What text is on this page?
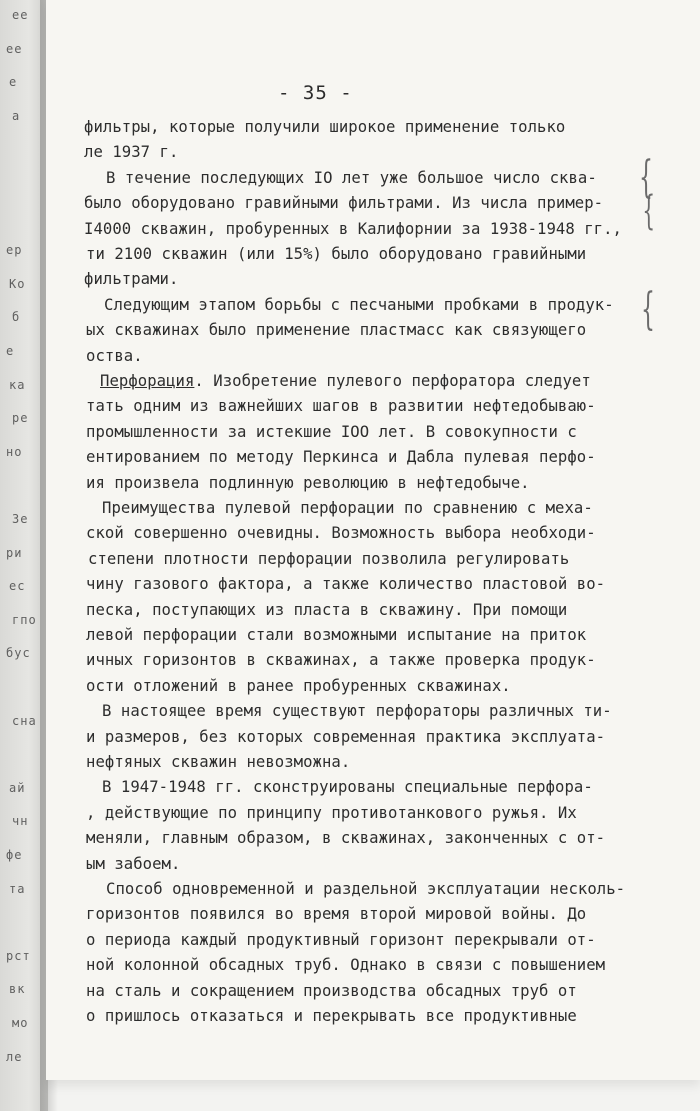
ее
ее
е
а
ер
Ко
б
е
ка
ре
но
Зе
ри
ес
гпо
бус
сна
ай
чн
фе
та
рст
вк
мо
ле
- 35 -
фильтры, которые получили широкое применение только
ле 1937 г.
В течение последующих IO лет уже большое число сква-
было оборудовано гравийными фильтрами. Из числа пример-
I4000 скважин, пробуренных в Калифорнии за 1938-1948 гг.,
ти 2100 скважин (или 15%) было оборудовано гравийными
фильтрами.
Следующим этапом борьбы с песчаными пробками в продук-
ых скважинах было применение пластмасс как связующего
оства.
Перфорация. Изобретение пулевого перфоратора следует
тать одним из важнейших шагов в развитии нефтедобываю-
промышленности за истекшие IOO лет. В совокупности с
ентированием по методу Перкинса и Дабла пулевая перфо-
ия произвела подлинную революцию в нефтедобыче.
Преимущества пулевой перфорации по сравнению с меха-
ской совершенно очевидны. Возможность выбора необходи-
степени плотности перфорации позволила регулировать
чину газового фактора, а также количество пластовой во-
песка, поступающих из пласта в скважину. При помощи
левой перфорации стали возможными испытание на приток
ичных горизонтов в скважинах, а также проверка продук-
ости отложений в ранее пробуренных скважинах.
В настоящее время существуют перфораторы различных ти-
и размеров, без которых современная практика эксплуата-
нефтяных скважин невозможна.
В 1947-1948 гг. сконструированы специальные перфора-
, действующие по принципу противотанкового ружья. Их
меняли, главным образом, в скважинах, законченных с от-
ым забоем.
Способ одновременной и раздельной эксплуатации несколь-
горизонтов появился во время второй мировой войны. До
о периода каждый продуктивный горизонт перекрывали от-
ной колонной обсадных труб. Однако в связи с повышением
на сталь и сокращением производства обсадных труб от
о пришлось отказаться и перекрывать все продуктивные
{
{
{
